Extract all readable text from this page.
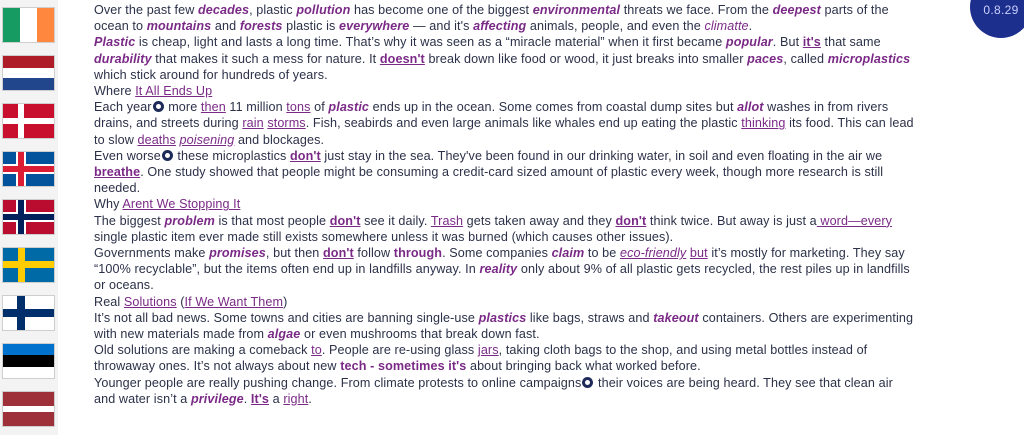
0.8.29

Over the past few decades, plastic pollution has become one of the biggest environmental threats we face. From the deepest parts of the ocean to mountains and forests plastic is everywhere — and it's affecting animals, people, and even the climatte.

Plastic is cheap, light and lasts a long time. That’s why it was seen as a “miracle material” when it first became popular. But it's that same durability that makes it such a mess for nature. It doesn't break down like food or wood, it just breaks into smaller paces, called microplastics which stick around for hundreds of years.

Where It All Ends Up

Each year more then 11 million tons of plastic ends up in the ocean. Some comes from coastal dump sites but allot washes in from rivers drains, and streets during rain storms. Fish, seabirds and even large animals like whales end up eating the plastic thinking its food. This can lead to slow deaths poisening and blockages.

Even worse these microplastics don't just stay in the sea. They've been found in our drinking water, in soil and even floating in the air we breathe. One study showed that people might be consuming a credit-card sized amount of plastic every week, though more research is still needed.

Why Arent We Stopping It

The biggest problem is that most people don't see it daily. Trash gets taken away and they don't think twice. But away is just a word—every single plastic item ever made still exists somewhere unless it was burned (which causes other issues).

Governments make promises, but then don't follow through. Some companies claim to be eco-friendly but it’s mostly for marketing. They say “100% recyclable”, but the items often end up in landfills anyway. In reality only about 9% of all plastic gets recycled, the rest piles up in landfills or oceans.

Real Solutions (If We Want Them)

It’s not all bad news. Some towns and cities are banning single-use plastics like bags, straws and takeout containers. Others are experimenting with new materials made from algae or even mushrooms that break down fast.

Old solutions are making a comeback to. People are re-using glass jars, taking cloth bags to the shop, and using metal bottles instead of throwaway ones. It’s not always about new tech - sometimes it's about bringing back what worked before.

Younger people are really pushing change. From climate protests to online campaigns their voices are being heard. They see that clean air and water isn’t a privilege. It's a right.
